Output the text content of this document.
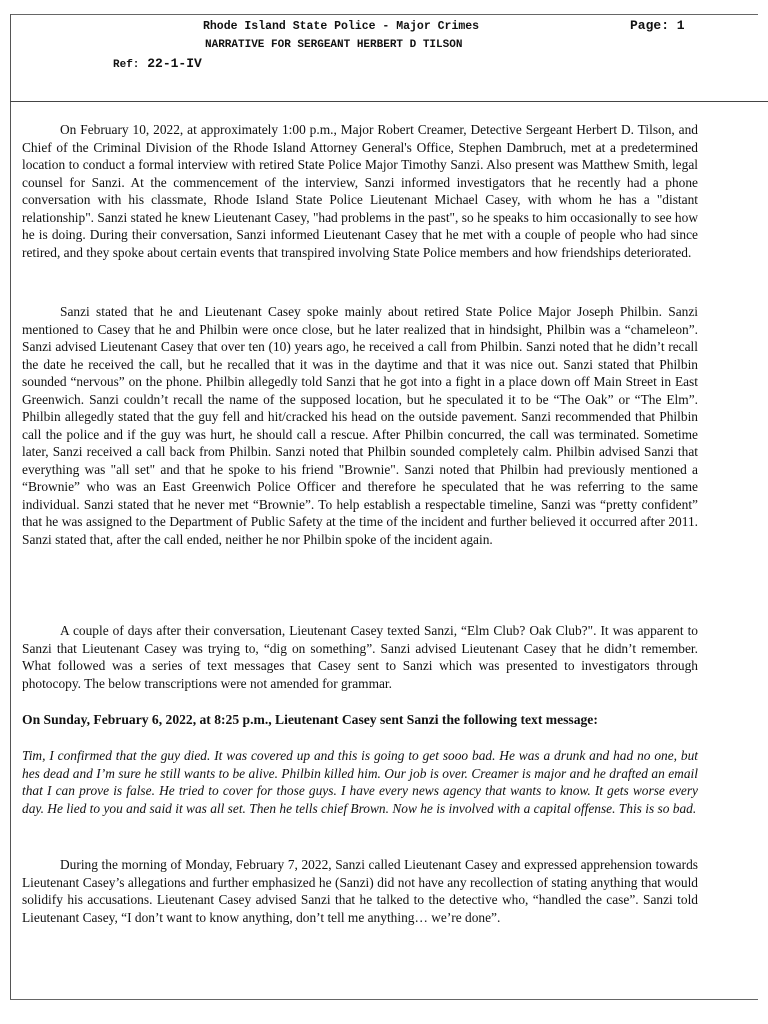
Rhode Island State Police - Major Crimes	Page: 1
NARRATIVE FOR SERGEANT HERBERT D TILSON
Ref: 22-1-IV

On February 10, 2022, at approximately 1:00 p.m., Major Robert Creamer, Detective Sergeant Herbert D. Tilson, and Chief of the Criminal Division of the Rhode Island Attorney General's Office, Stephen Dambruch, met at a predetermined location to conduct a formal interview with retired State Police Major Timothy Sanzi. Also present was Matthew Smith, legal counsel for Sanzi. At the commencement of the interview, Sanzi informed investigators that he recently had a phone conversation with his classmate, Rhode Island State Police Lieutenant Michael Casey, with whom he has a "distant relationship". Sanzi stated he knew Lieutenant Casey, "had problems in the past", so he speaks to him occasionally to see how he is doing. During their conversation, Sanzi informed Lieutenant Casey that he met with a couple of people who had since retired, and they spoke about certain events that transpired involving State Police members and how friendships deteriorated.

Sanzi stated that he and Lieutenant Casey spoke mainly about retired State Police Major Joseph Philbin. Sanzi mentioned to Casey that he and Philbin were once close, but he later realized that in hindsight, Philbin was a “chameleon”. Sanzi advised Lieutenant Casey that over ten (10) years ago, he received a call from Philbin. Sanzi noted that he didn’t recall the date he received the call, but he recalled that it was in the daytime and that it was nice out. Sanzi stated that Philbin sounded “nervous” on the phone. Philbin allegedly told Sanzi that he got into a fight in a place down off Main Street in East Greenwich. Sanzi couldn’t recall the name of the supposed location, but he speculated it to be “The Oak” or “The Elm”. Philbin allegedly stated that the guy fell and hit/cracked his head on the outside pavement. Sanzi recommended that Philbin call the police and if the guy was hurt, he should call a rescue. After Philbin concurred, the call was terminated. Sometime later, Sanzi received a call back from Philbin. Sanzi noted that Philbin sounded completely calm. Philbin advised Sanzi that everything was "all set" and that he spoke to his friend "Brownie". Sanzi noted that Philbin had previously mentioned a “Brownie” who was an East Greenwich Police Officer and therefore he speculated that he was referring to the same individual. Sanzi stated that he never met “Brownie”. To help establish a respectable timeline, Sanzi was “pretty confident” that he was assigned to the Department of Public Safety at the time of the incident and further believed it occurred after 2011. Sanzi stated that, after the call ended, neither he nor Philbin spoke of the incident again.

A couple of days after their conversation, Lieutenant Casey texted Sanzi, “Elm Club? Oak Club?". It was apparent to Sanzi that Lieutenant Casey was trying to, “dig on something”. Sanzi advised Lieutenant Casey that he didn’t remember. What followed was a series of text messages that Casey sent to Sanzi which was presented to investigators through photocopy. The below transcriptions were not amended for grammar.

On Sunday, February 6, 2022, at 8:25 p.m., Lieutenant Casey sent Sanzi the following text message:

Tim, I confirmed that the guy died. It was covered up and this is going to get sooo bad. He was a drunk and had no one, but hes dead and I’m sure he still wants to be alive. Philbin killed him. Our job is over. Creamer is major and he drafted an email that I can prove is false. He tried to cover for those guys. I have every news agency that wants to know. It gets worse every day. He lied to you and said it was all set. Then he tells chief Brown. Now he is involved with a capital offense. This is so bad.

During the morning of Monday, February 7, 2022, Sanzi called Lieutenant Casey and expressed apprehension towards Lieutenant Casey’s allegations and further emphasized he (Sanzi) did not have any recollection of stating anything that would solidify his accusations. Lieutenant Casey advised Sanzi that he talked to the detective who, “handled the case”. Sanzi told Lieutenant Casey, “I don’t want to know anything, don’t tell me anything… we’re done”.
